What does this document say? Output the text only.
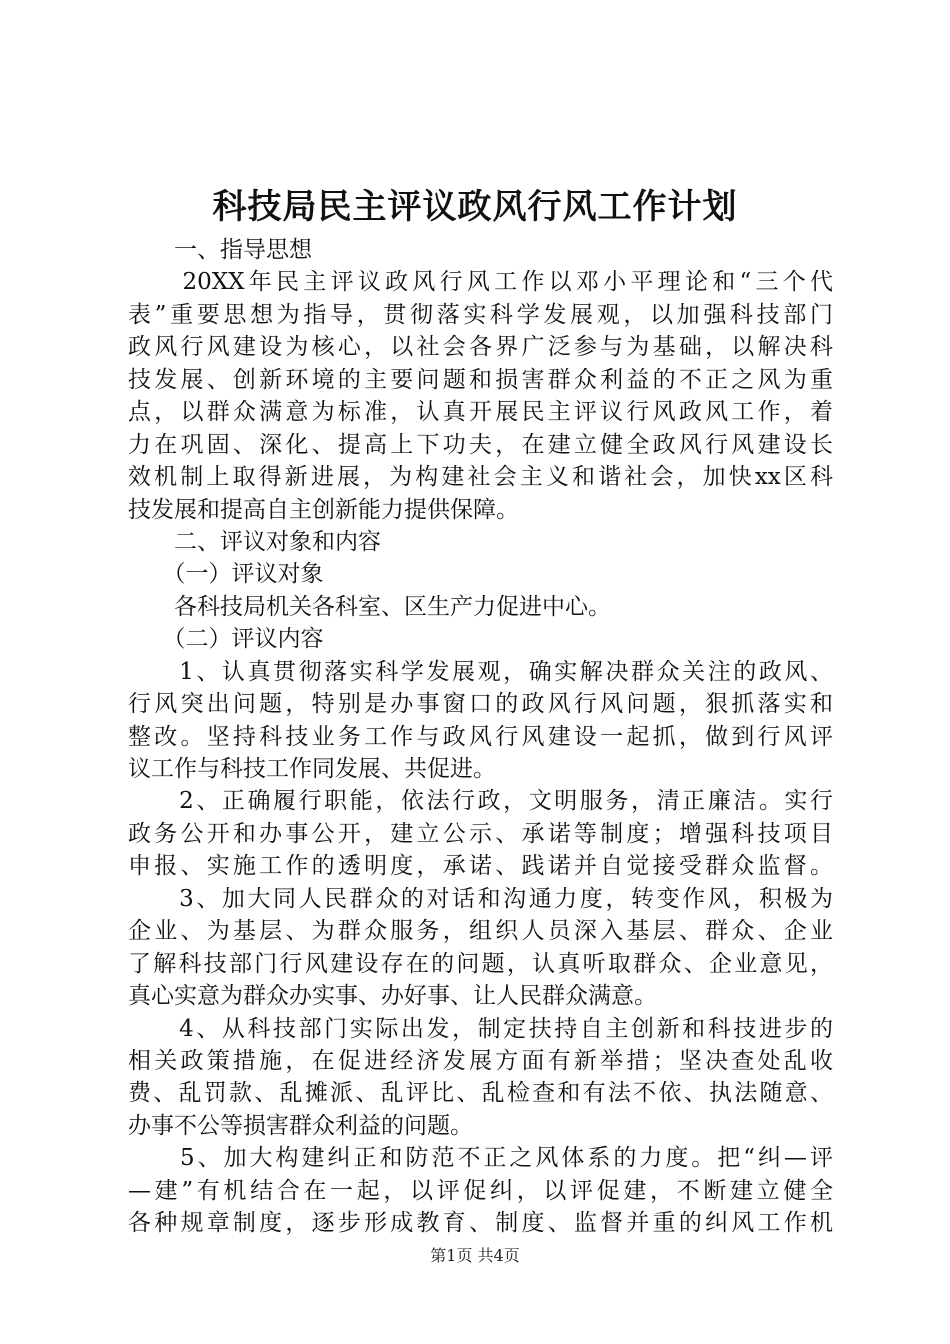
科技局民主评议政风行风工作计划
　　一、指导思想
　　20XX年民主评议政风行风工作以邓小平理论和“三个代
表”重要思想为指导，贯彻落实科学发展观，以加强科技部门
政风行风建设为核心，以社会各界广泛参与为基础，以解决科
技发展、创新环境的主要问题和损害群众利益的不正之风为重
点，以群众满意为标准，认真开展民主评议行风政风工作，着
力在巩固、深化、提高上下功夫，在建立健全政风行风建设长
效机制上取得新进展，为构建社会主义和谐社会，加快xx区科
技发展和提高自主创新能力提供保障。
　　二、评议对象和内容
　　（一）评议对象
　　各科技局机关各科室、区生产力促进中心。
　　（二）评议内容
　　1、认真贯彻落实科学发展观，确实解决群众关注的政风、
行风突出问题，特别是办事窗口的政风行风问题，狠抓落实和
整改。坚持科技业务工作与政风行风建设一起抓，做到行风评
议工作与科技工作同发展、共促进。
　　2、正确履行职能，依法行政，文明服务，清正廉洁。实行
政务公开和办事公开，建立公示、承诺等制度；增强科技项目
申报、实施工作的透明度，承诺、践诺并自觉接受群众监督。
　　3、加大同人民群众的对话和沟通力度，转变作风，积极为
企业、为基层、为群众服务，组织人员深入基层、群众、企业
了解科技部门行风建设存在的问题，认真听取群众、企业意见，
真心实意为群众办实事、办好事、让人民群众满意。
　　4、从科技部门实际出发，制定扶持自主创新和科技进步的
相关政策措施，在促进经济发展方面有新举措；坚决查处乱收
费、乱罚款、乱摊派、乱评比、乱检查和有法不依、执法随意、
办事不公等损害群众利益的问题。
　　5、加大构建纠正和防范不正之风体系的力度。把“纠—评
—建”有机结合在一起，以评促纠，以评促建，不断建立健全
各种规章制度，逐步形成教育、制度、监督并重的纠风工作机
第1页 共4页
